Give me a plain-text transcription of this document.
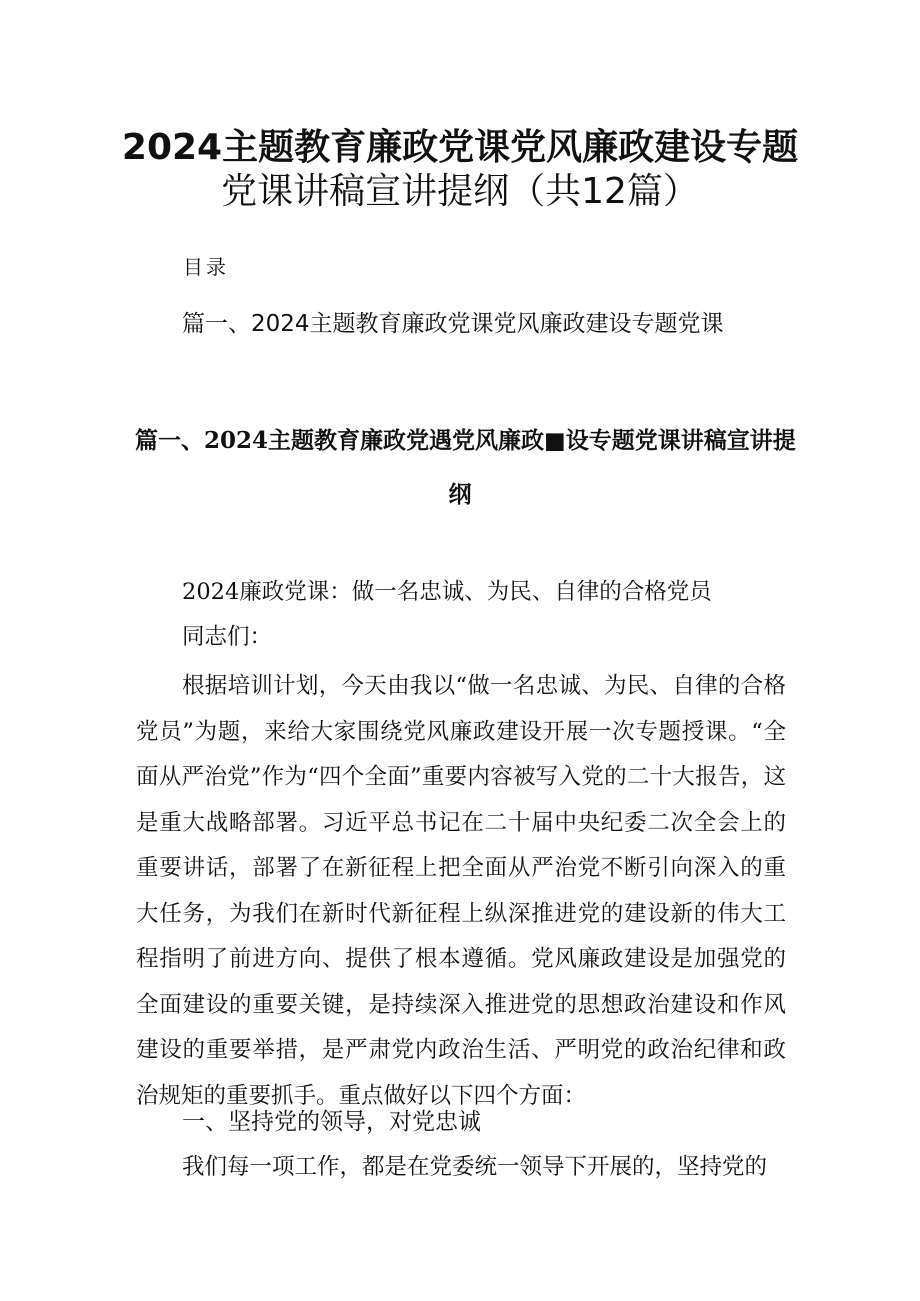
2024主题教育廉政党课党风廉政建设专题
党课讲稿宣讲提纲（共12篇）
目录
篇一、2024主题教育廉政党课党风廉政建设专题党课
篇一、2024主题教育廉政党遇党风廉政■设专题党课讲稿宣讲提
纲
2024廉政党课：做一名忠诚、为民、自律的合格党员
同志们：
根据培训计划，今天由我以“做一名忠诚、为民、自律的合格党员”为题，来给大家围绕党风廉政建设开展一次专题授课。“全面从严治党”作为“四个全面”重要内容被写入党的二十大报告，这是重大战略部署。习近平总书记在二十届中央纪委二次全会上的重要讲话，部署了在新征程上把全面从严治党不断引向深入的重大任务，为我们在新时代新征程上纵深推进党的建设新的伟大工程指明了前进方向、提供了根本遵循。党风廉政建设是加强党的全面建设的重要关键，是持续深入推进党的思想政治建设和作风建设的重要举措，是严肃党内政治生活、严明党的政治纪律和政治规矩的重要抓手。重点做好以下四个方面：
一、坚持党的领导，对党忠诚
我们每一项工作，都是在党委统一领导下开展的，坚持党的
